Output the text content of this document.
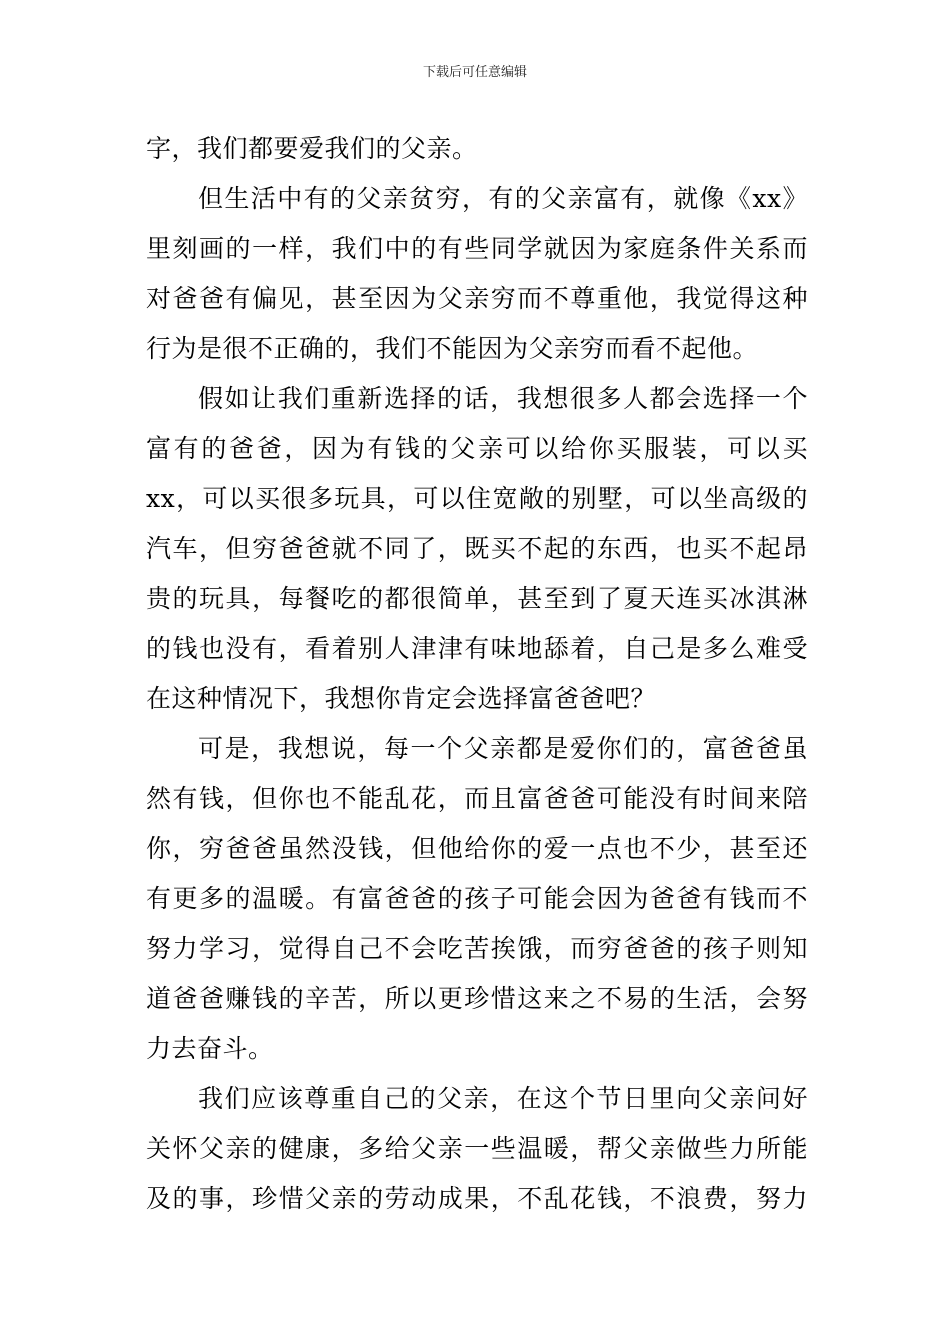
下载后可任意编辑
字，我们都要爱我们的父亲。
但生活中有的父亲贫穷，有的父亲富有，就像《xx》
里刻画的一样，我们中的有些同学就因为家庭条件关系而
对爸爸有偏见，甚至因为父亲穷而不尊重他，我觉得这种
行为是很不正确的，我们不能因为父亲穷而看不起他。
假如让我们重新选择的话，我想很多人都会选择一个
富有的爸爸，因为有钱的父亲可以给你买服装，可以买
xx，可以买很多玩具，可以住宽敞的别墅，可以坐高级的
汽车，但穷爸爸就不同了，既买不起的东西，也买不起昂
贵的玩具，每餐吃的都很简单，甚至到了夏天连买冰淇淋
的钱也没有，看着别人津津有味地舔着，自己是多么难受
在这种情况下，我想你肯定会选择富爸爸吧？
可是，我想说，每一个父亲都是爱你们的，富爸爸虽
然有钱，但你也不能乱花，而且富爸爸可能没有时间来陪
你，穷爸爸虽然没钱，但他给你的爱一点也不少，甚至还
有更多的温暖。有富爸爸的孩子可能会因为爸爸有钱而不
努力学习，觉得自己不会吃苦挨饿，而穷爸爸的孩子则知
道爸爸赚钱的辛苦，所以更珍惜这来之不易的生活，会努
力去奋斗。
我们应该尊重自己的父亲，在这个节日里向父亲问好
关怀父亲的健康，多给父亲一些温暖，帮父亲做些力所能
及的事，珍惜父亲的劳动成果，不乱花钱，不浪费，努力
